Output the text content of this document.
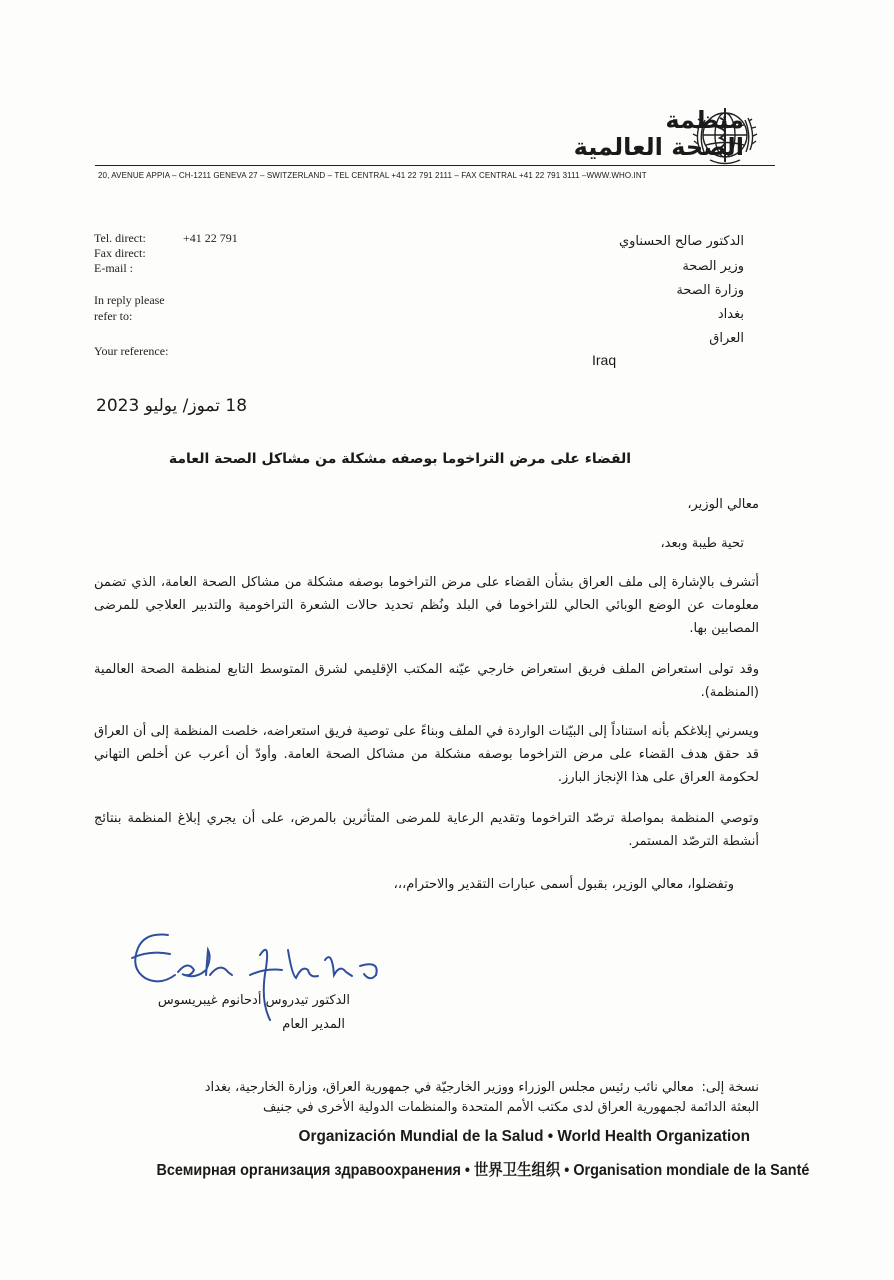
منظمة
الصحة العالمية
20, AVENUE APPIA – CH-1211 GENEVA 27 – SWITZERLAND – TEL CENTRAL +41 22 791 2111 – FAX CENTRAL +41 22 791 3111 –WWW.WHO.INT
Tel. direct:	+41 22 791
Fax direct:
E-mail :
In reply please
refer to:
Your reference:
الدكتور صالح الحسناوي
وزير الصحة
وزارة الصحة
بغداد
العراق
Iraq
18 تموز/ يوليو 2023
القضاء على مرض التراخوما بوصفه مشكلة من مشاكل الصحة العامة
معالي الوزير،
تحية طيبة وبعد،
أتشرف بالإشارة إلى ملف العراق بشأن القضاء على مرض التراخوما بوصفه مشكلة من مشاكل الصحة العامة، الذي تضمن معلومات عن الوضع الوبائي الحالي للتراخوما في البلد ونُظم تحديد حالات الشعرة التراخومية والتدبير العلاجي للمرضى المصابين بها.
وقد تولى استعراض الملف فريق استعراض خارجي عيّنه المكتب الإقليمي لشرق المتوسط التابع لمنظمة الصحة العالمية (المنظمة).
ويسرني إبلاغكم بأنه استناداً إلى البيّنات الواردة في الملف وبناءً على توصية فريق استعراضه، خلصت المنظمة إلى أن العراق قد حقق هدف القضاء على مرض التراخوما بوصفه مشكلة من مشاكل الصحة العامة. وأودّ أن أعرب عن أخلص التهاني لحكومة العراق على هذا الإنجاز البارز.
وتوصي المنظمة بمواصلة ترصّد التراخوما وتقديم الرعاية للمرضى المتأثرين بالمرض، على أن يجري إبلاغ المنظمة بنتائج أنشطة الترصّد المستمر.
وتفضلوا، معالي الوزير، بقبول أسمى عبارات التقدير والاحترام،،،
الدكتور تيدروس أدحانوم غيبريسوس
المدير العام
نسخة إلى:
معالي نائب رئيس مجلس الوزراء ووزير الخارجيّة في جمهورية العراق، وزارة الخارجية، بغداد
البعثة الدائمة لجمهورية العراق لدى مكتب الأمم المتحدة والمنظمات الدولية الأخرى في جنيف
Organización Mundial de la Salud • World Health Organization
Всемирная организация здравоохранения • 世界卫生组织 • Organisation mondiale de la Santé
